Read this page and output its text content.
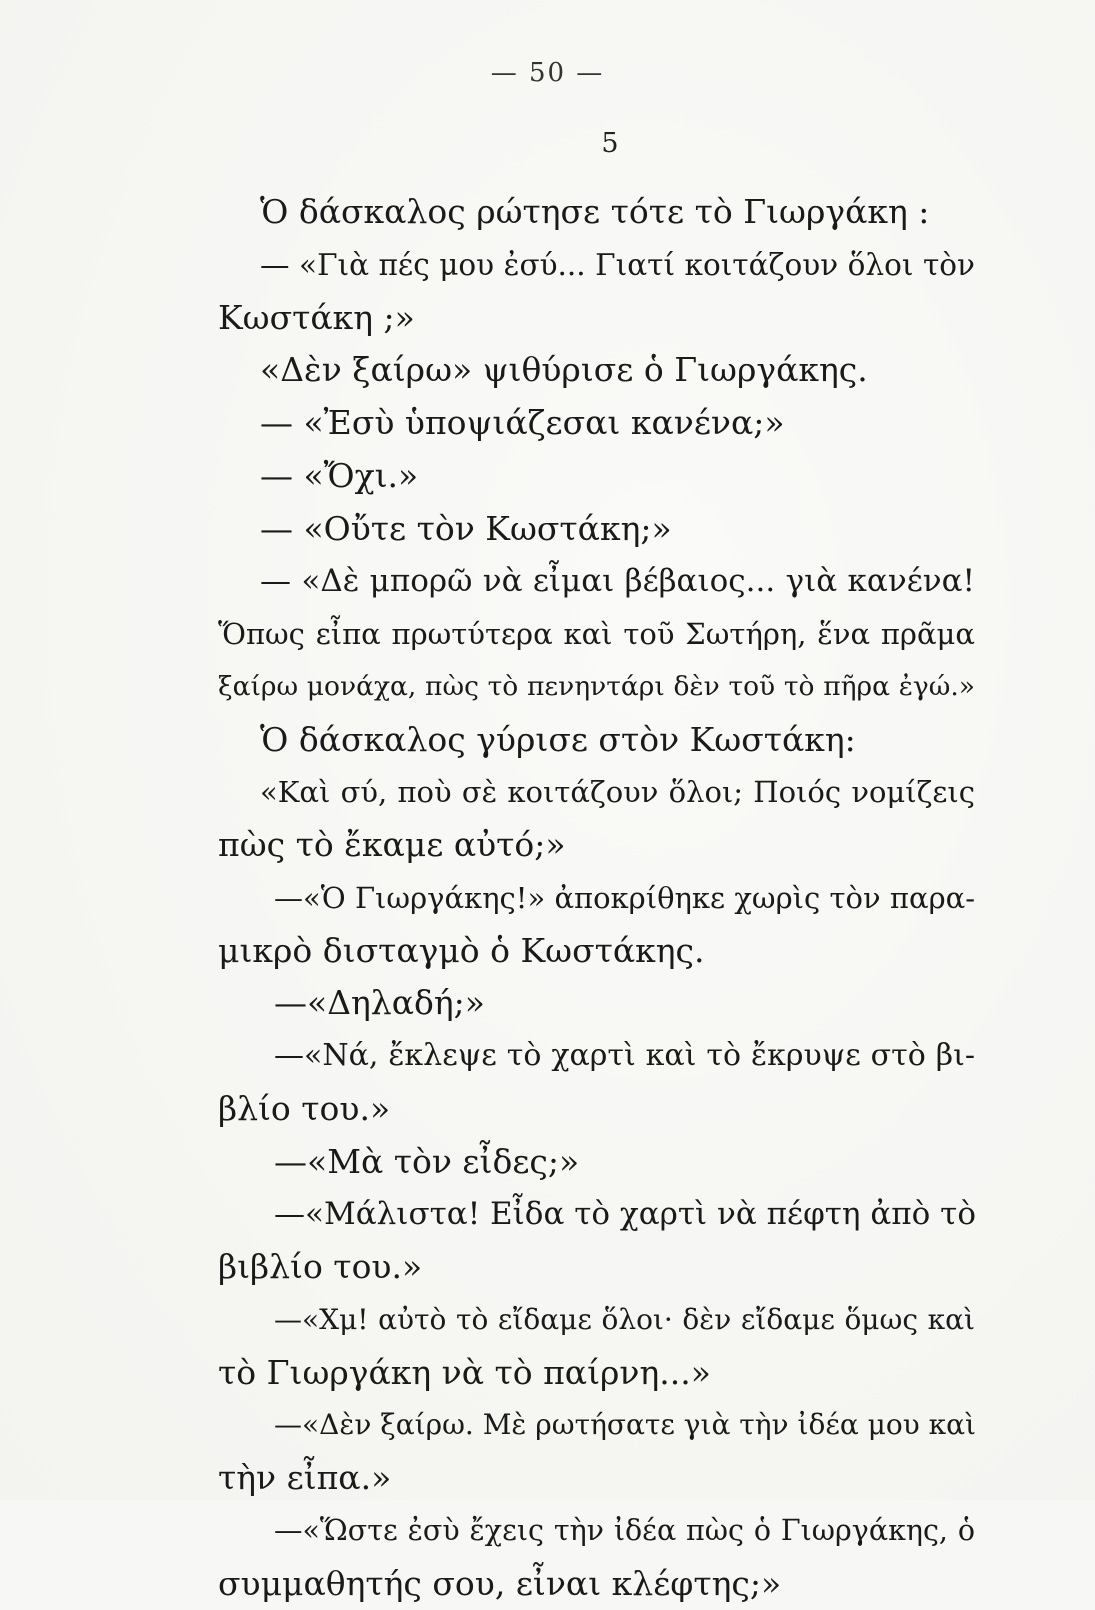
— 50 —
5
Ὁ δάσκαλος ρώτησε τότε τὸ Γιωργάκη :
— «Γιὰ πές μου ἐσύ... Γιατί κοιτάζουν ὅλοι τὸν
Κωστάκη ;»
«Δὲν ξαίρω» ψιθύρισε ὁ Γιωργάκης.
— «Ἐσὺ ὑποψιάζεσαι κανένα;»
— «Ὄχι.»
— «Οὔτε τὸν Κωστάκη;»
— «Δὲ μπορῶ νὰ εἶμαι βέβαιος... γιὰ κανένα!
Ὅπως εἶπα πρωτύτερα καὶ τοῦ Σωτήρη, ἕνα πρᾶμα
ξαίρω μονάχα, πὼς τὸ πενηντάρι δὲν τοῦ τὸ πῆρα ἐγώ.»
Ὁ δάσκαλος γύρισε στὸν Κωστάκη:
«Καὶ σύ, ποὺ σὲ κοιτάζουν ὅλοι; Ποιός νομίζεις
πὼς τὸ ἔκαμε αὐτό;»
—«Ὁ Γιωργάκης!» ἀποκρίθηκε χωρὶς τὸν παρα-
μικρὸ δισταγμὸ ὁ Κωστάκης.
—«Δηλαδή;»
—«Νά, ἔκλεψε τὸ χαρτὶ καὶ τὸ ἔκρυψε στὸ βι-
βλίο του.»
—«Μὰ τὸν εἶδες;»
—«Μάλιστα! Εἶδα τὸ χαρτὶ νὰ πέφτη ἀπὸ τὸ
βιβλίο του.»
—«Χμ! αὐτὸ τὸ εἴδαμε ὅλοι· δὲν εἴδαμε ὅμως καὶ
τὸ Γιωργάκη νὰ τὸ παίρνη...»
—«Δὲν ξαίρω. Μὲ ρωτήσατε γιὰ τὴν ἰδέα μου καὶ
τὴν εἶπα.»
—«Ὥστε ἐσὺ ἔχεις τὴν ἰδέα πὼς ὁ Γιωργάκης, ὁ
συμμαθητής σου, εἶναι κλέφτης;»
